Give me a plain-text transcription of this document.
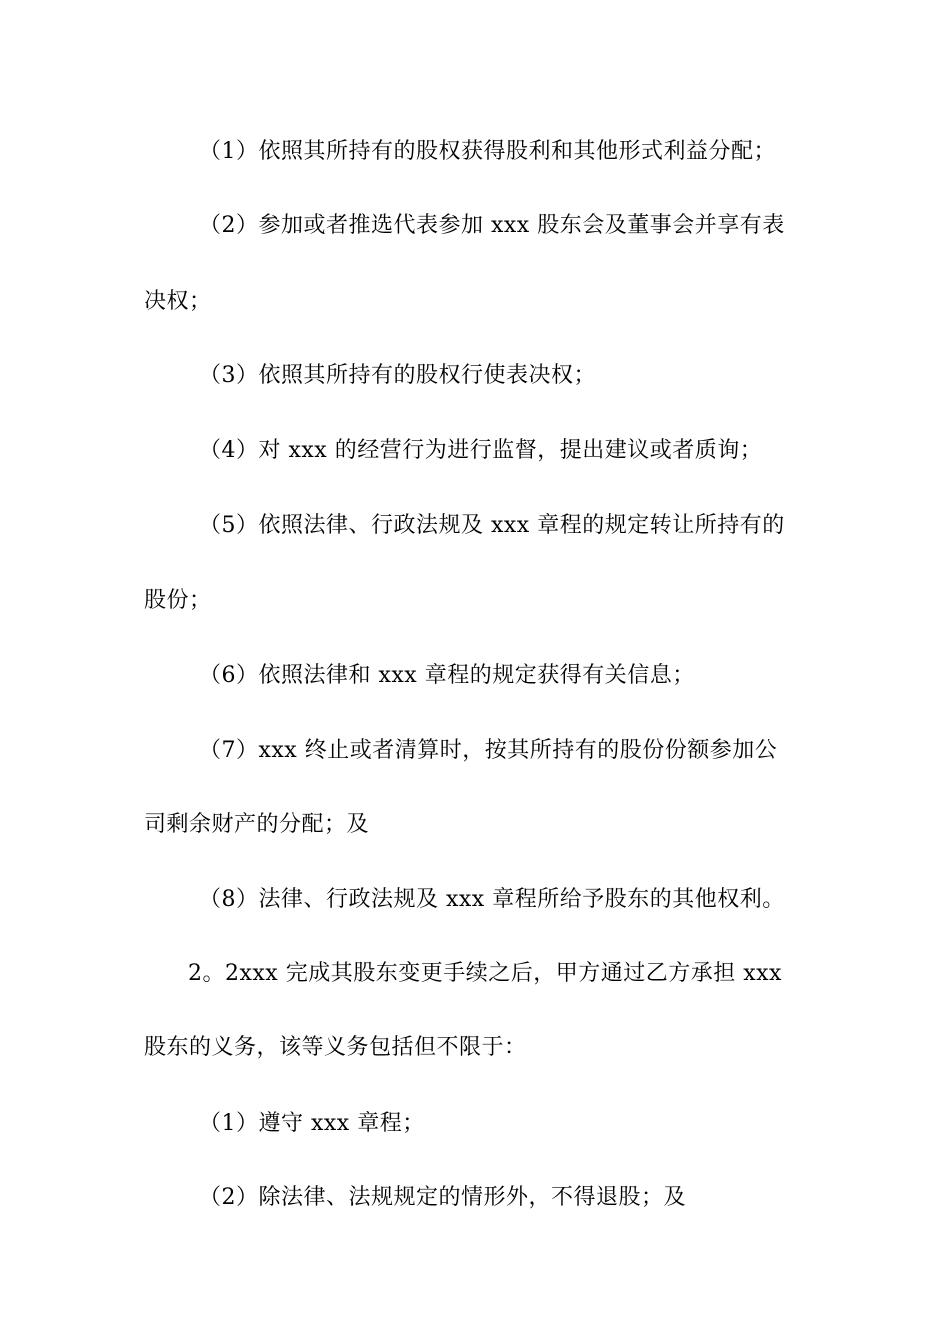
（1）依照其所持有的股权获得股利和其他形式利益分配；
（2）参加或者推选代表参加 xxx 股东会及董事会并享有表
决权；
（3）依照其所持有的股权行使表决权；
（4）对 xxx 的经营行为进行监督，提出建议或者质询；
（5）依照法律、行政法规及 xxx 章程的规定转让所持有的
股份；
（6）依照法律和 xxx 章程的规定获得有关信息；
（7）xxx 终止或者清算时，按其所持有的股份份额参加公
司剩余财产的分配；及
（8）法律、行政法规及 xxx 章程所给予股东的其他权利。
2。2xxx 完成其股东变更手续之后，甲方通过乙方承担 xxx
股东的义务，该等义务包括但不限于：
（1）遵守 xxx 章程；
（2）除法律、法规规定的情形外，不得退股；及
